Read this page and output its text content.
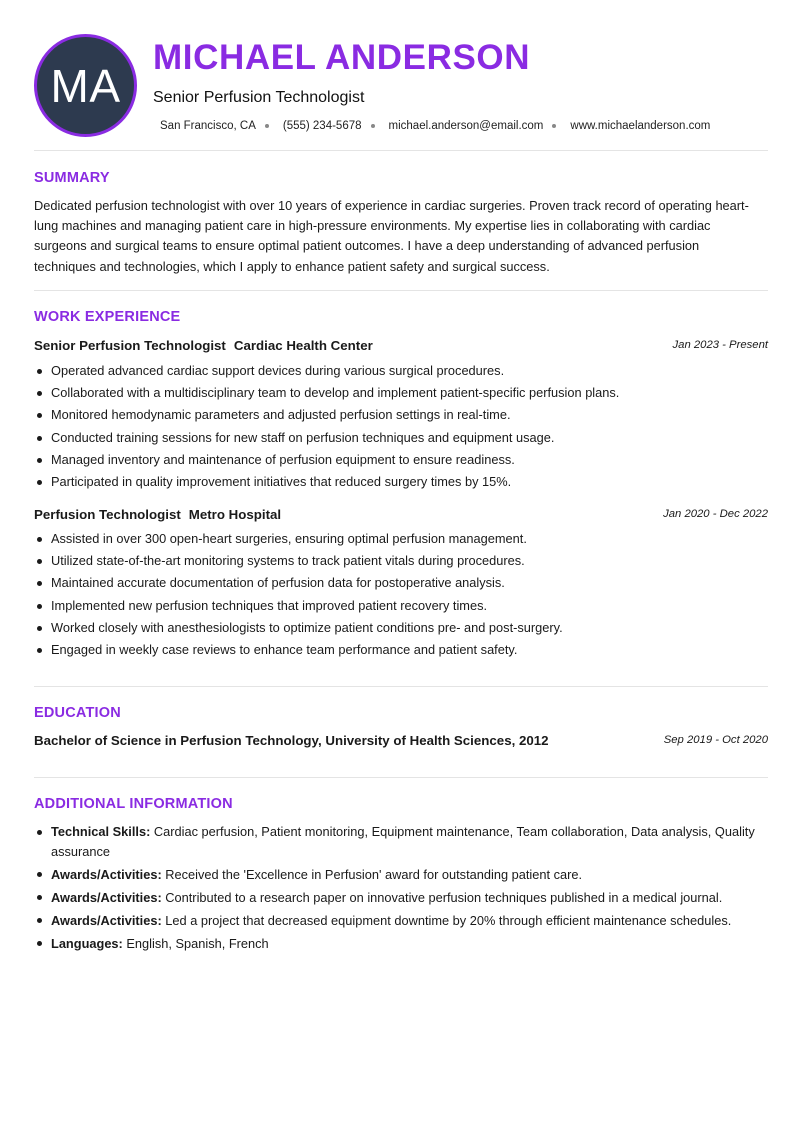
MA
MICHAEL ANDERSON
Senior Perfusion Technologist
San Francisco, CA (555) 234-5678 michael.anderson@email.com www.michaelanderson.com
SUMMARY
Dedicated perfusion technologist with over 10 years of experience in cardiac surgeries. Proven track record of operating heart-lung machines and managing patient care in high-pressure environments. My expertise lies in collaborating with cardiac surgeons and surgical teams to ensure optimal patient outcomes. I have a deep understanding of advanced perfusion techniques and technologies, which I apply to enhance patient safety and surgical success.
WORK EXPERIENCE
Senior Perfusion Technologist Cardiac Health Center	Jan 2023 - Present
Operated advanced cardiac support devices during various surgical procedures.
Collaborated with a multidisciplinary team to develop and implement patient-specific perfusion plans.
Monitored hemodynamic parameters and adjusted perfusion settings in real-time.
Conducted training sessions for new staff on perfusion techniques and equipment usage.
Managed inventory and maintenance of perfusion equipment to ensure readiness.
Participated in quality improvement initiatives that reduced surgery times by 15%.
Perfusion Technologist Metro Hospital	Jan 2020 - Dec 2022
Assisted in over 300 open-heart surgeries, ensuring optimal perfusion management.
Utilized state-of-the-art monitoring systems to track patient vitals during procedures.
Maintained accurate documentation of perfusion data for postoperative analysis.
Implemented new perfusion techniques that improved patient recovery times.
Worked closely with anesthesiologists to optimize patient conditions pre- and post-surgery.
Engaged in weekly case reviews to enhance team performance and patient safety.
EDUCATION
Bachelor of Science in Perfusion Technology, University of Health Sciences, 2012	Sep 2019 - Oct 2020
ADDITIONAL INFORMATION
Technical Skills: Cardiac perfusion, Patient monitoring, Equipment maintenance, Team collaboration, Data analysis, Quality assurance
Awards/Activities: Received the 'Excellence in Perfusion' award for outstanding patient care.
Awards/Activities: Contributed to a research paper on innovative perfusion techniques published in a medical journal.
Awards/Activities: Led a project that decreased equipment downtime by 20% through efficient maintenance schedules.
Languages: English, Spanish, French
